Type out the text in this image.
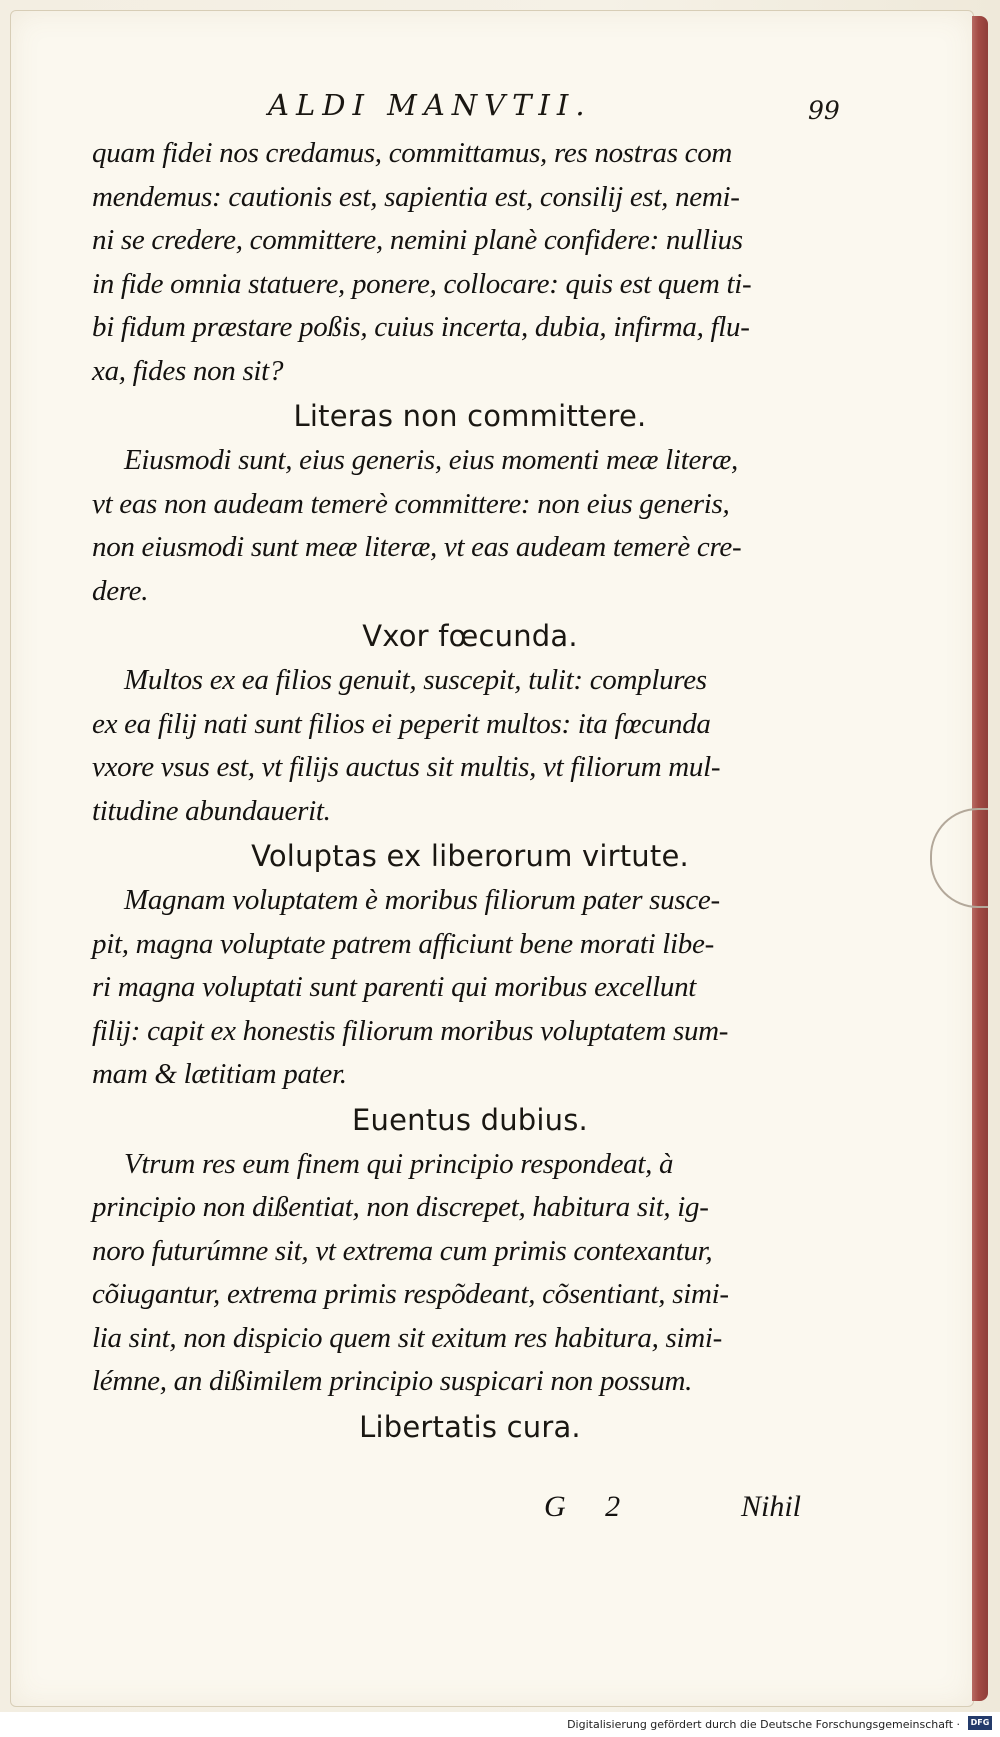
ALDI MANVTII.	99
quam fidei nos credamus, committamus, res nostras com
mendemus: cautionis est, sapientia est, consilij est, nemi-
ni se credere, committere, nemini planè confidere: nullius
in fide omnia statuere, ponere, collocare: quis est quem ti-
bi fidum præstare poßis, cuius incerta, dubia, infirma, flu-
xa, fides non sit?
Literas non committere.
Eiusmodi sunt, eius generis, eius momenti meæ literæ,
vt eas non audeam temerè committere: non eius generis,
non eiusmodi sunt meæ literæ, vt eas audeam temerè cre-
dere.
Vxor fœcunda.
Multos ex ea filios genuit, suscepit, tulit: complures
ex ea filij nati sunt filios ei peperit multos: ita fœcunda
vxore vsus est, vt filijs auctus sit multis, vt filiorum mul-
titudine abundauerit.
Voluptas ex liberorum virtute.
Magnam voluptatem è moribus filiorum pater susce-
pit, magna voluptate patrem afficiunt bene morati libe-
ri magna voluptati sunt parenti qui moribus excellunt
filij: capit ex honestis filiorum moribus voluptatem sum-
mam & lætitiam pater.
Euentus dubius.
Vtrum res eum finem qui principio respondeat, à
principio non dißentiat, non discrepet, habitura sit, ig-
noro futurúmne sit, vt extrema cum primis contexantur,
cõiugantur, extrema primis respõdeant, cõsentiant, simi-
lia sint, non dispicio quem sit exitum res habitura, simi-
lémne, an dißimilem principio suspicari non possum.
Libertatis cura.
G 2	Nihil
Digitalisierung gefördert durch die Deutsche Forschungsgemeinschaft ·	DFG
